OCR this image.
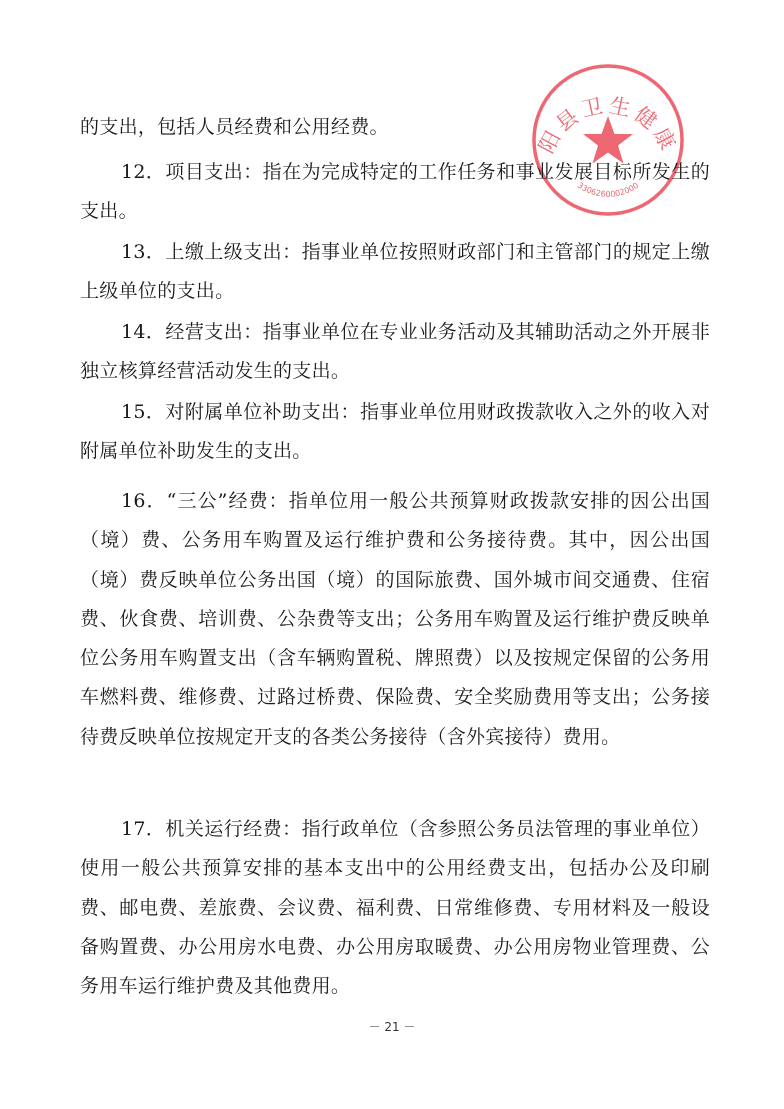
阳县卫生健康
3306260002000

的支出，包括人员经费和公用经费。

12．项目支出：指在为完成特定的工作任务和事业发展目标所发生的支出。

13．上缴上级支出：指事业单位按照财政部门和主管部门的规定上缴上级单位的支出。

14．经营支出：指事业单位在专业业务活动及其辅助活动之外开展非独立核算经营活动发生的支出。

15．对附属单位补助支出：指事业单位用财政拨款收入之外的收入对附属单位补助发生的支出。

16．“三公”经费：指单位用一般公共预算财政拨款安排的因公出国（境）费、公务用车购置及运行维护费和公务接待费。其中，因公出国（境）费反映单位公务出国（境）的国际旅费、国外城市间交通费、住宿费、伙食费、培训费、公杂费等支出；公务用车购置及运行维护费反映单位公务用车购置支出（含车辆购置税、牌照费）以及按规定保留的公务用车燃料费、维修费、过路过桥费、保险费、安全奖励费用等支出；公务接待费反映单位按规定开支的各类公务接待（含外宾接待）费用。

17．机关运行经费：指行政单位（含参照公务员法管理的事业单位）使用一般公共预算安排的基本支出中的公用经费支出，包括办公及印刷费、邮电费、差旅费、会议费、福利费、日常维修费、专用材料及一般设备购置费、办公用房水电费、办公用房取暖费、办公用房物业管理费、公务用车运行维护费及其他费用。

－ 21 －
